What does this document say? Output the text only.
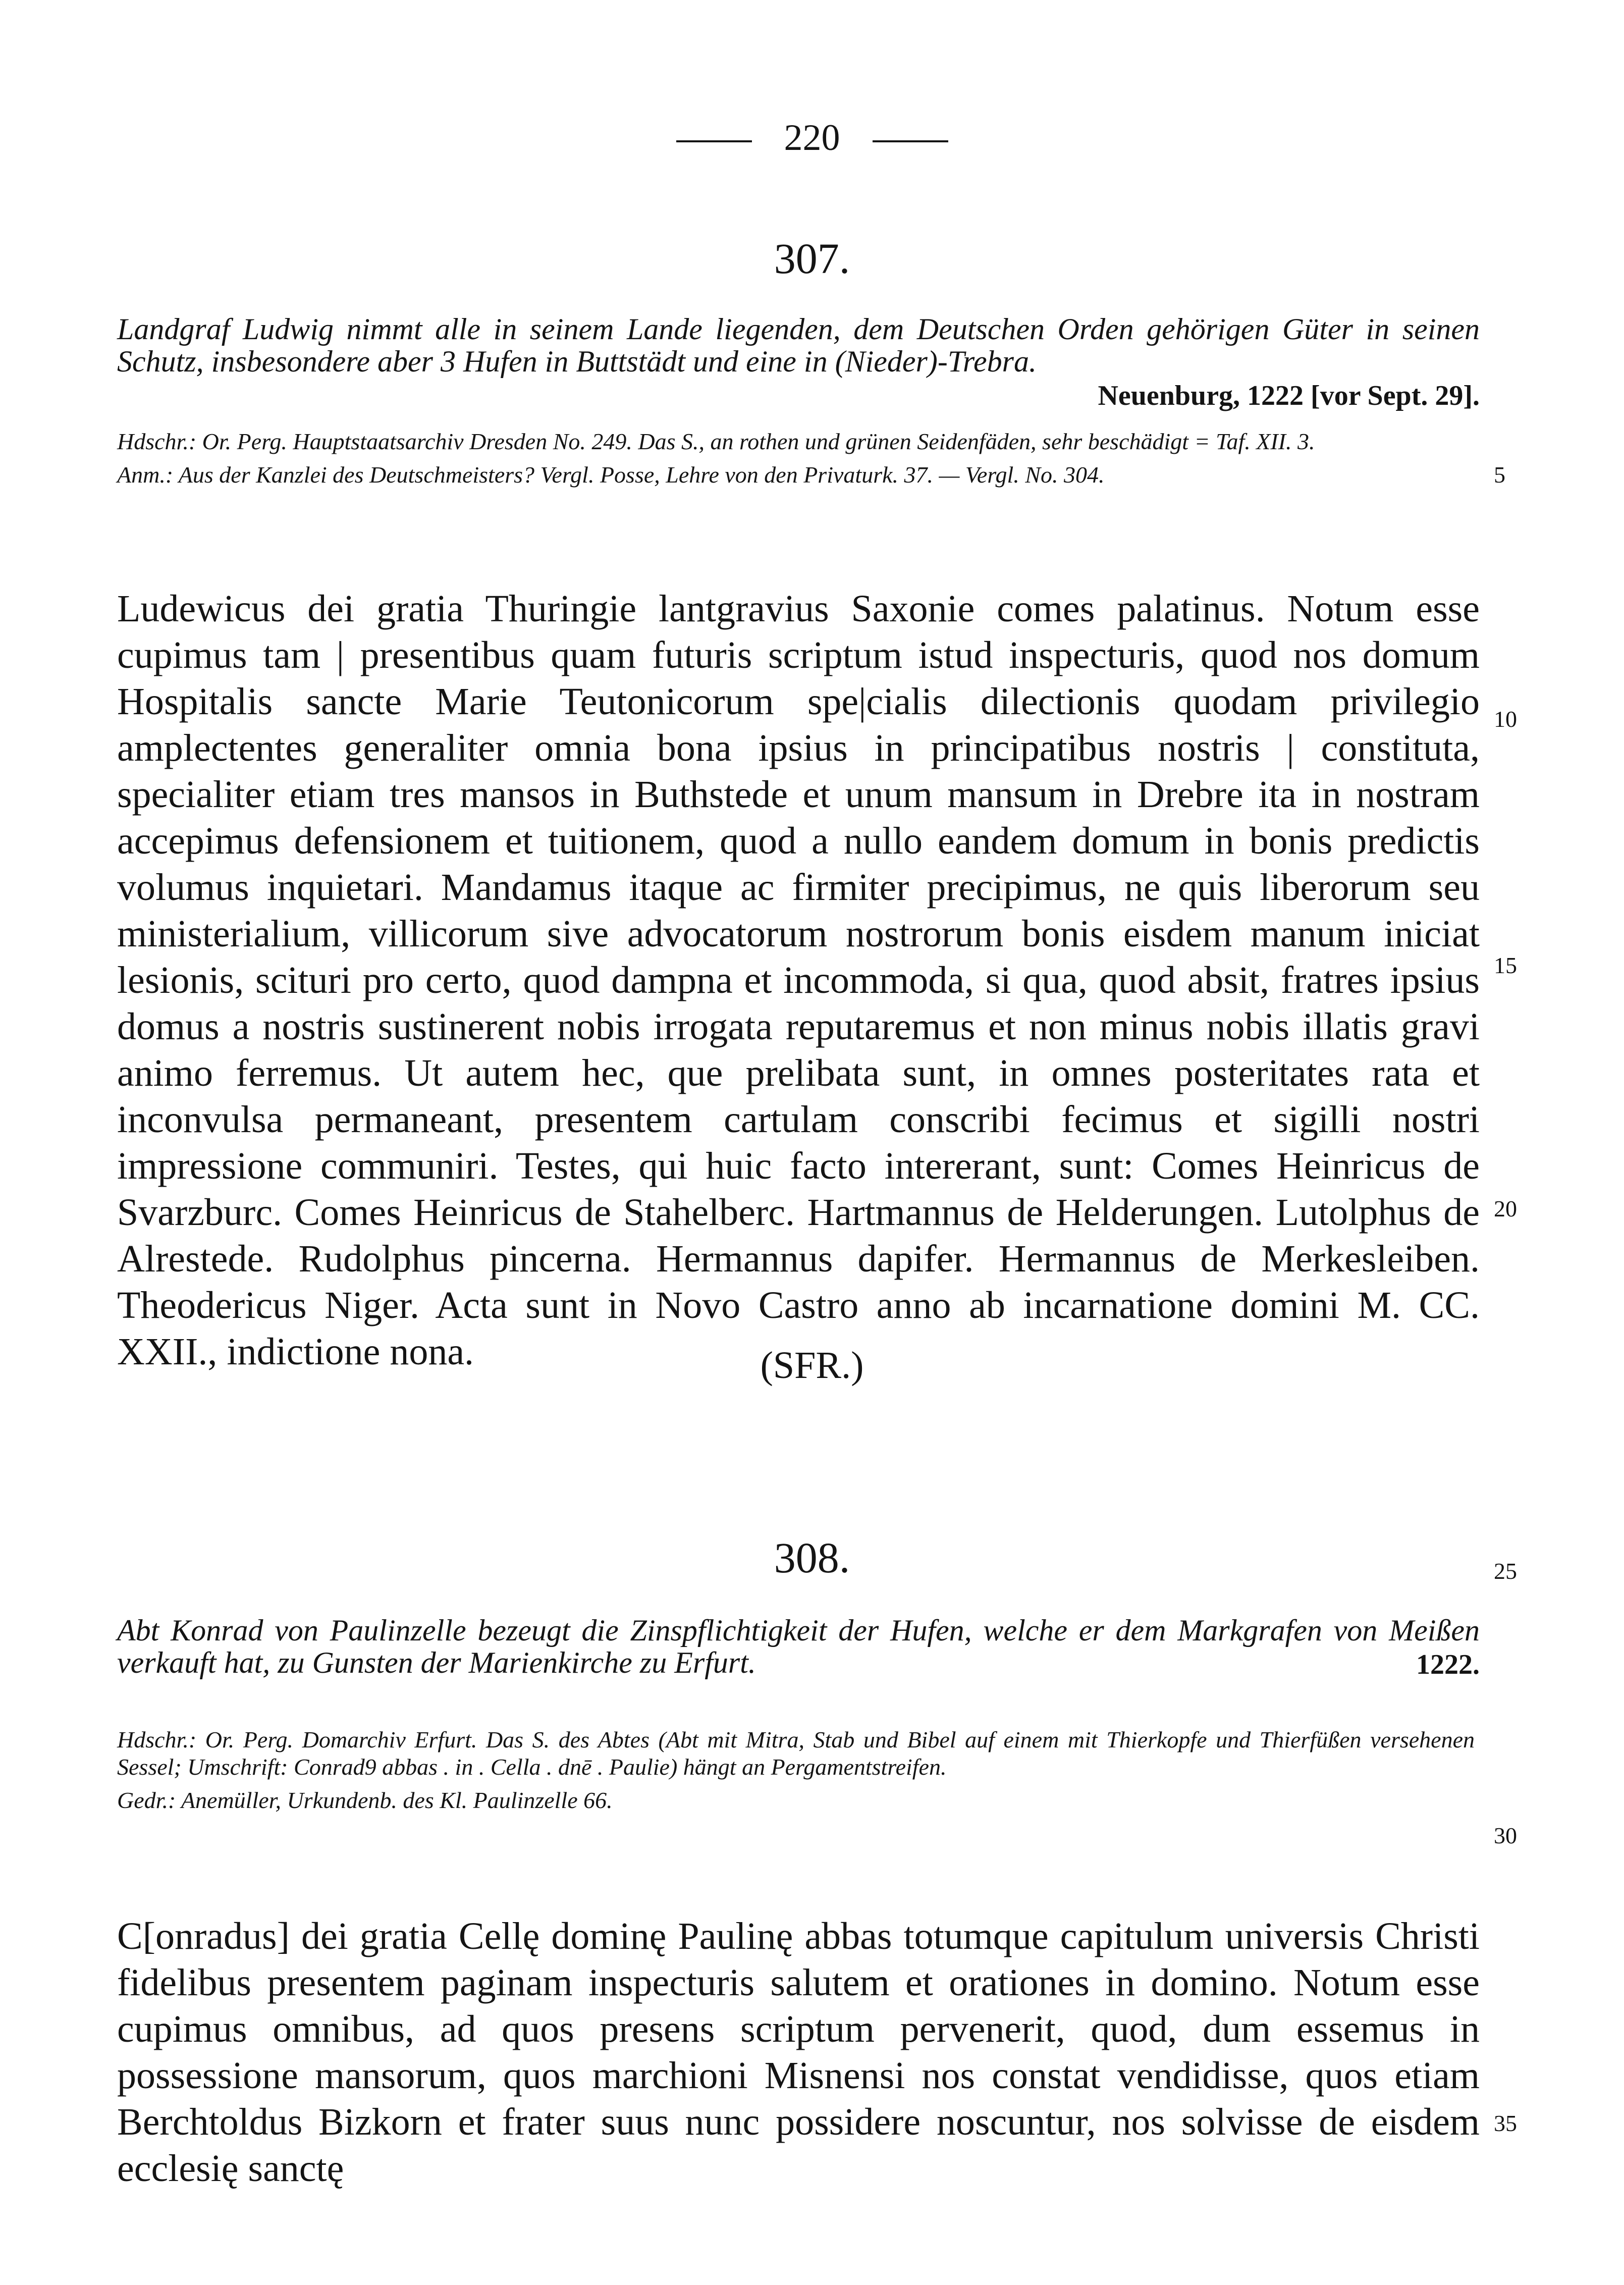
220
307.
Landgraf Ludwig nimmt alle in seinem Lande liegenden, dem Deutschen Orden gehörigen Güter in seinen Schutz, insbesondere aber 3 Hufen in Buttstädt und eine in (Nieder)-Trebra.
Neuenburg, 1222 [vor Sept. 29].

Hdschr.: Or. Perg. Hauptstaatsarchiv Dresden No. 249. Das S., an rothen und grünen Seidenfäden, sehr beschädigt = Taf. XII. 3.

Anm.: Aus der Kanzlei des Deutschmeisters? Vergl. Posse, Lehre von den Privaturk. 37. — Vergl. No. 304.

Ludewicus dei gratia Thuringie lantgravius Saxonie comes palatinus. Notum esse cupimus tam | presentibus quam futuris scriptum istud inspecturis, quod nos domum Hospitalis sancte Marie Teutonicorum spe|cialis dilectionis quodam privilegio amplectentes generaliter omnia bona ipsius in principatibus nostris | constituta, specialiter etiam tres mansos in Buthstede et unum mansum in Drebre ita in nostram accepimus defensionem et tuitionem, quod a nullo eandem domum in bonis predictis volumus inquietari. Mandamus itaque ac firmiter precipimus, ne quis liberorum seu ministerialium, villicorum sive advocatorum nostrorum bonis eisdem manum iniciat lesionis, scituri pro certo, quod dampna et incommoda, si qua, quod absit, fratres ipsius domus a nostris sustinerent nobis irrogata reputaremus et non minus nobis illatis gravi animo ferremus. Ut autem hec, que prelibata sunt, in omnes posteritates rata et inconvulsa permaneant, presentem cartulam conscribi fecimus et sigilli nostri impressione communiri. Testes, qui huic facto intererant, sunt: Comes Heinricus de Svarzburc. Comes Heinricus de Stahelberc. Hartmannus de Helderungen. Lutolphus de Alrestede. Rudolphus pincerna. Hermannus dapifer. Hermannus de Merkesleiben. Theodericus Niger. Acta sunt in Novo Castro anno ab incarnatione domini M. CC. XXII., indictione nona.	(SFR.)
308.
Abt Konrad von Paulinzelle bezeugt die Zinspflichtigkeit der Hufen, welche er dem Markgrafen von Meißen verkauft hat, zu Gunsten der Marienkirche zu Erfurt.	1222.

Hdschr.: Or. Perg. Domarchiv Erfurt. Das S. des Abtes (Abt mit Mitra, Stab und Bibel auf einem mit Thierkopfe und Thierfüßen versehenen Sessel; Umschrift: Conrad9 abbas . in . Cella . dnē . Paulie) hängt an Pergamentstreifen.

Gedr.: Anemüller, Urkundenb. des Kl. Paulinzelle 66.

C[onradus] dei gratia Cellę dominę Paulinę abbas totumque capitulum universis Christi fidelibus presentem paginam inspecturis salutem et orationes in domino. Notum esse cupimus omnibus, ad quos presens scriptum pervenerit, quod, dum essemus in possessione mansorum, quos marchioni Misnensi nos constat vendidisse, quos etiam Berchtoldus Bizkorn et frater suus nunc possidere noscuntur, nos solvisse de eisdem ecclesię sanctę

5
10
15
20
25
30
35
